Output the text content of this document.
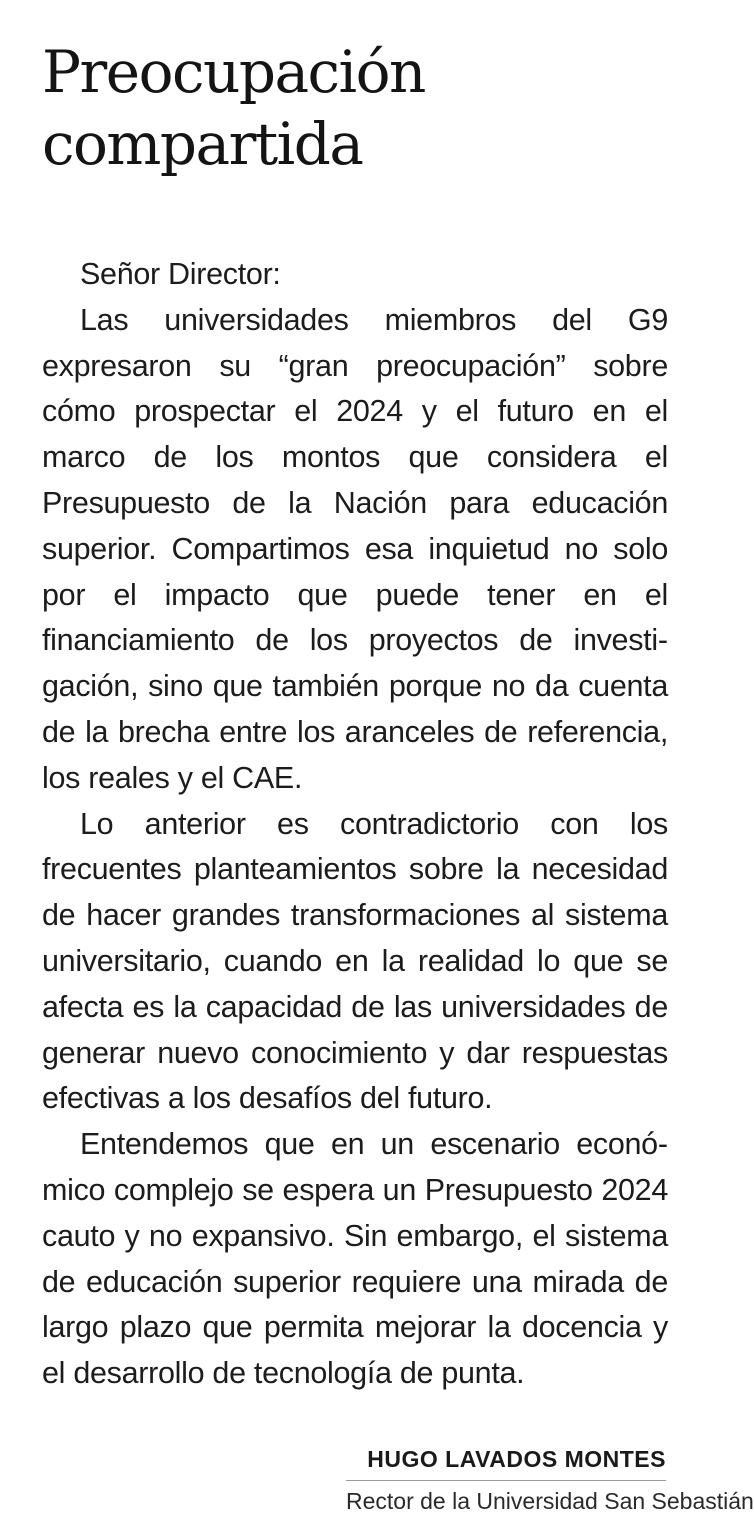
Preocupación
compartida

Señor Director:

Las universidades miembros del G9 expresaron su “gran preocupación” sobre cómo prospectar el 2024 y el futuro en el marco de los montos que considera el Presupuesto de la Nación para educación superior. Compartimos esa inquietud no solo por el impacto que puede tener en el financiamiento de los proyectos de investigación, sino que también porque no da cuenta de la brecha entre los aranceles de referencia, los reales y el CAE.

Lo anterior es contradictorio con los frecuentes planteamientos sobre la necesidad de hacer grandes transformaciones al sistema universitario, cuando en la realidad lo que se afecta es la capacidad de las universidades de generar nuevo conocimiento y dar respuestas efectivas a los desafíos del futuro.

Entendemos que en un escenario económico complejo se espera un Presupuesto 2024 cauto y no expansivo. Sin embargo, el sistema de educación superior requiere una mirada de largo plazo que permita mejorar la docencia y el desarrollo de tecnología de punta.

HUGO LAVADOS MONTES
Rector de la Universidad San Sebastián
